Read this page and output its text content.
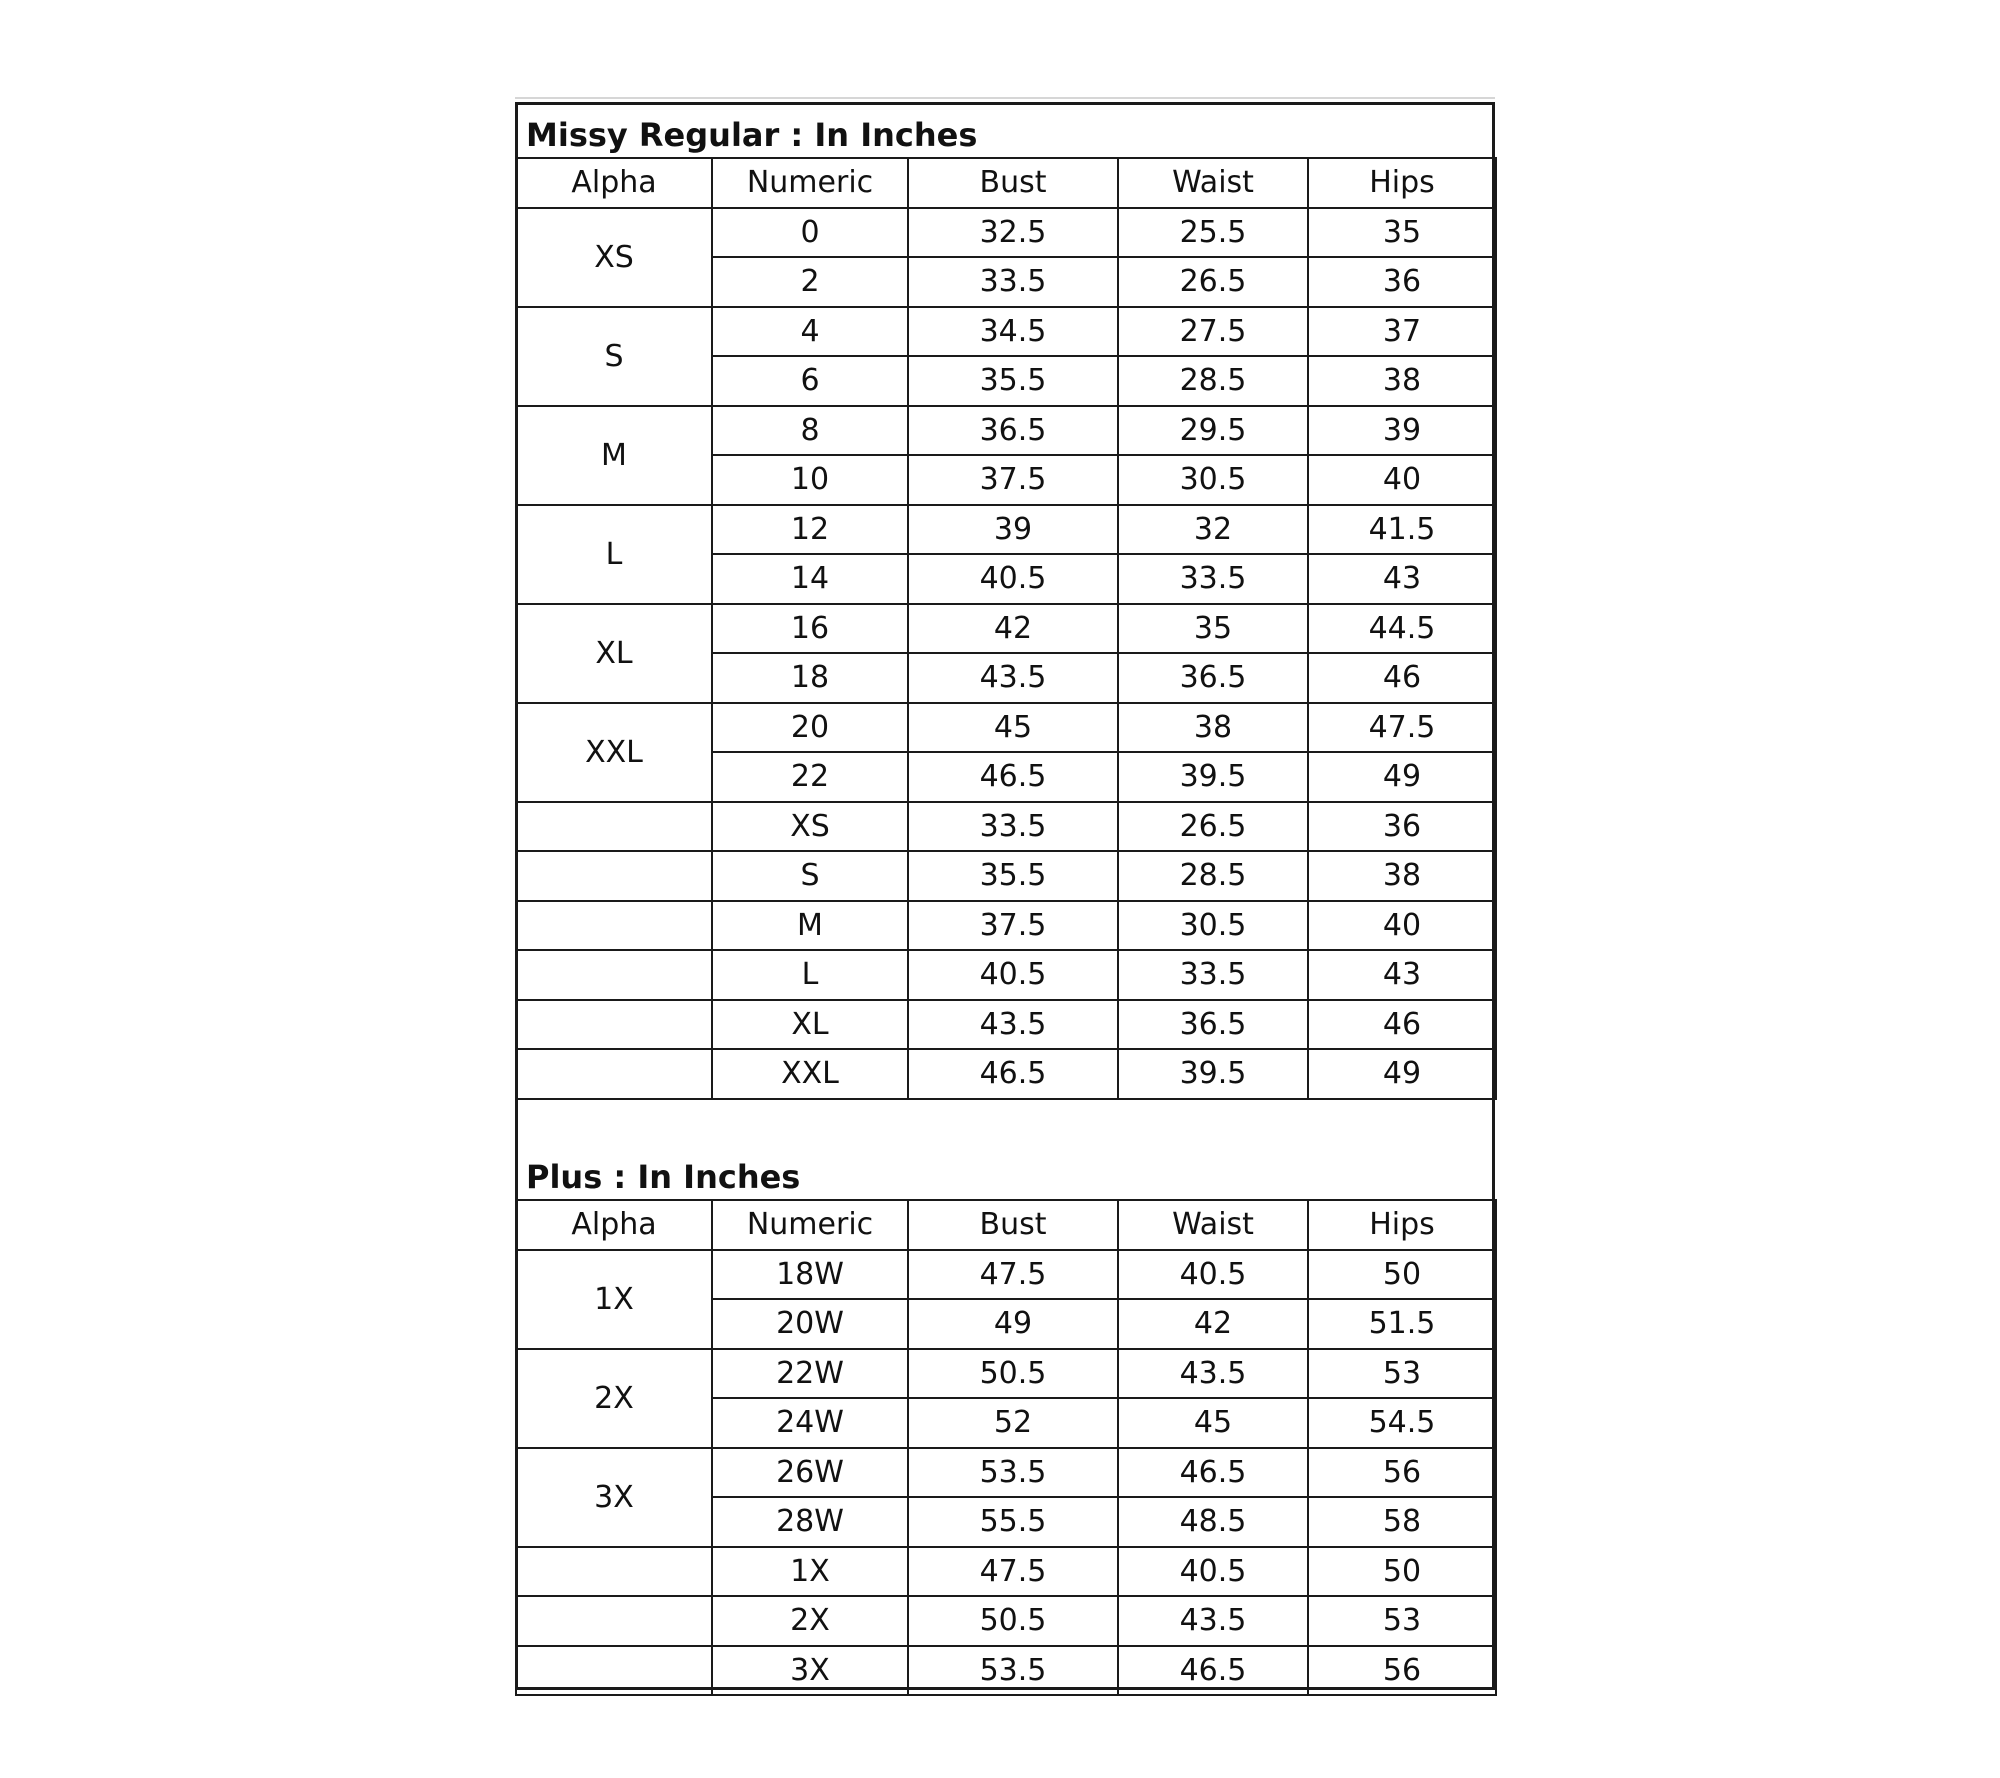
Missy Regular : In Inches
Alpha	Numeric	Bust	Waist	Hips
XS	0	32.5	25.5	35
	2	33.5	26.5	36
S	4	34.5	27.5	37
	6	35.5	28.5	38
M	8	36.5	29.5	39
	10	37.5	30.5	40
L	12	39	32	41.5
	14	40.5	33.5	43
XL	16	42	35	44.5
	18	43.5	36.5	46
XXL	20	45	38	47.5
	22	46.5	39.5	49
	XS	33.5	26.5	36
	S	35.5	28.5	38
	M	37.5	30.5	40
	L	40.5	33.5	43
	XL	43.5	36.5	46
	XXL	46.5	39.5	49
Plus : In Inches
Alpha	Numeric	Bust	Waist	Hips
1X	18W	47.5	40.5	50
	20W	49	42	51.5
2X	22W	50.5	43.5	53
	24W	52	45	54.5
3X	26W	53.5	46.5	56
	28W	55.5	48.5	58
	1X	47.5	40.5	50
	2X	50.5	43.5	53
	3X	53.5	46.5	56
